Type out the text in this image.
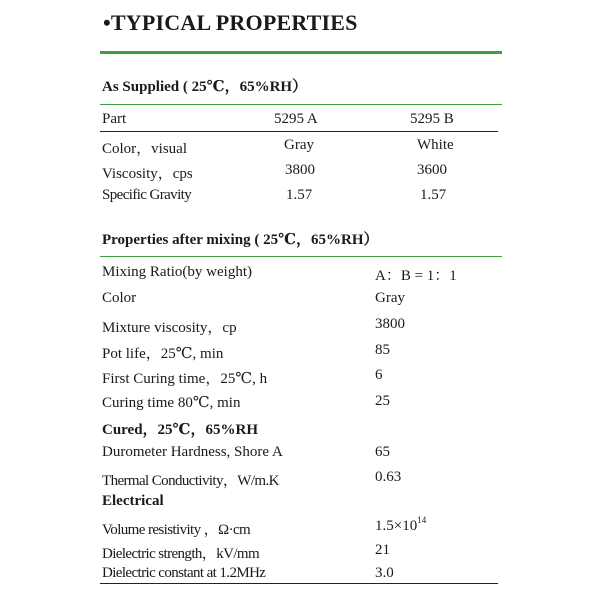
•TYPICAL PROPERTIES
As Supplied ( 25℃，65%RH）
Part	5295 A	5295 B
Color，visual	Gray	White
Viscosity，cps	3800	3600
Specific Gravity	1.57	1.57
Properties after mixing ( 25℃，65%RH）
Mixing Ratio(by weight)	A：B = 1：1
Color	Gray
Mixture viscosity，cp	3800
Pot life，25℃, min	85
First Curing time，25℃, h	6
Curing time 80℃, min	25
Cured，25℃，65%RH
Durometer Hardness, Shore A	65
Thermal Conductivity，W/m.K	0.63
Electrical
Volume resistivity ，Ω·cm	$1.5\times 10^{14}$
Dielectric strength，kV/mm	21
Dielectric constant at 1.2MHz	3.0
